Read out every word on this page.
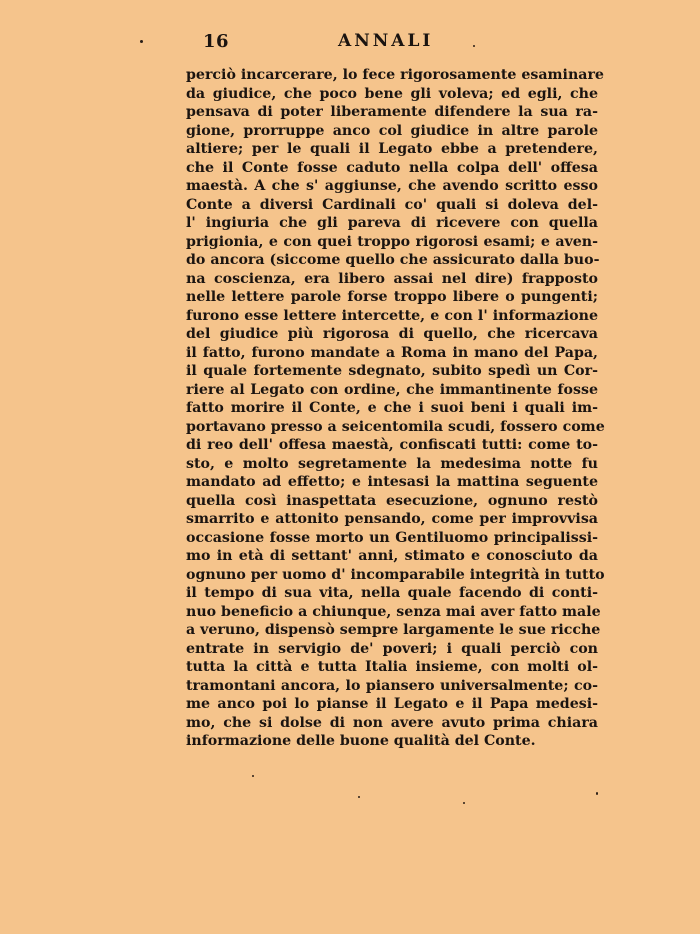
16	ANNALI
perciò incarcerare, lo fece rigorosamente esaminare
da giudice, che poco bene gli voleva; ed egli, che
pensava di poter liberamente difendere la sua ra-
gione, prorruppe anco col giudice in altre parole
altiere; per le quali il Legato ebbe a pretendere,
che il Conte fosse caduto nella colpa dell' offesa
maestà. A che s' aggiunse, che avendo scritto esso
Conte a diversi Cardinali co' quali si doleva del-
l' ingiuria che gli pareva di ricevere con quella
prigionia, e con quei troppo rigorosi esami; e aven-
do ancora (siccome quello che assicurato dalla buo-
na coscienza, era libero assai nel dire) frapposto
nelle lettere parole forse troppo libere o pungenti;
furono esse lettere intercette, e con l' informazione
del giudice più rigorosa di quello, che ricercava
il fatto, furono mandate a Roma in mano del Papa,
il quale fortemente sdegnato, subito spedì un Cor-
riere al Legato con ordine, che immantinente fosse
fatto morire il Conte, e che i suoi beni i quali im-
portavano presso a seicentomila scudi, fossero come
di reo dell' offesa maestà, confiscati tutti: come to-
sto, e molto segretamente la medesima notte fu
mandato ad effetto; e intesasi la mattina seguente
quella così inaspettata esecuzione, ognuno restò
smarrito e attonito pensando, come per improvvisa
occasione fosse morto un Gentiluomo principalissi-
mo in età di settant' anni, stimato e conosciuto da
ognuno per uomo d' incomparabile integrità in tutto
il tempo di sua vita, nella quale facendo di conti-
nuo beneficio a chiunque, senza mai aver fatto male
a veruno, dispensò sempre largamente le sue ricche
entrate in servigio de' poveri; i quali perciò con
tutta la città e tutta Italia insieme, con molti ol-
tramontani ancora, lo piansero universalmente; co-
me anco poi lo pianse il Legato e il Papa medesi-
mo, che si dolse di non avere avuto prima chiara
informazione delle buone qualità del Conte.
